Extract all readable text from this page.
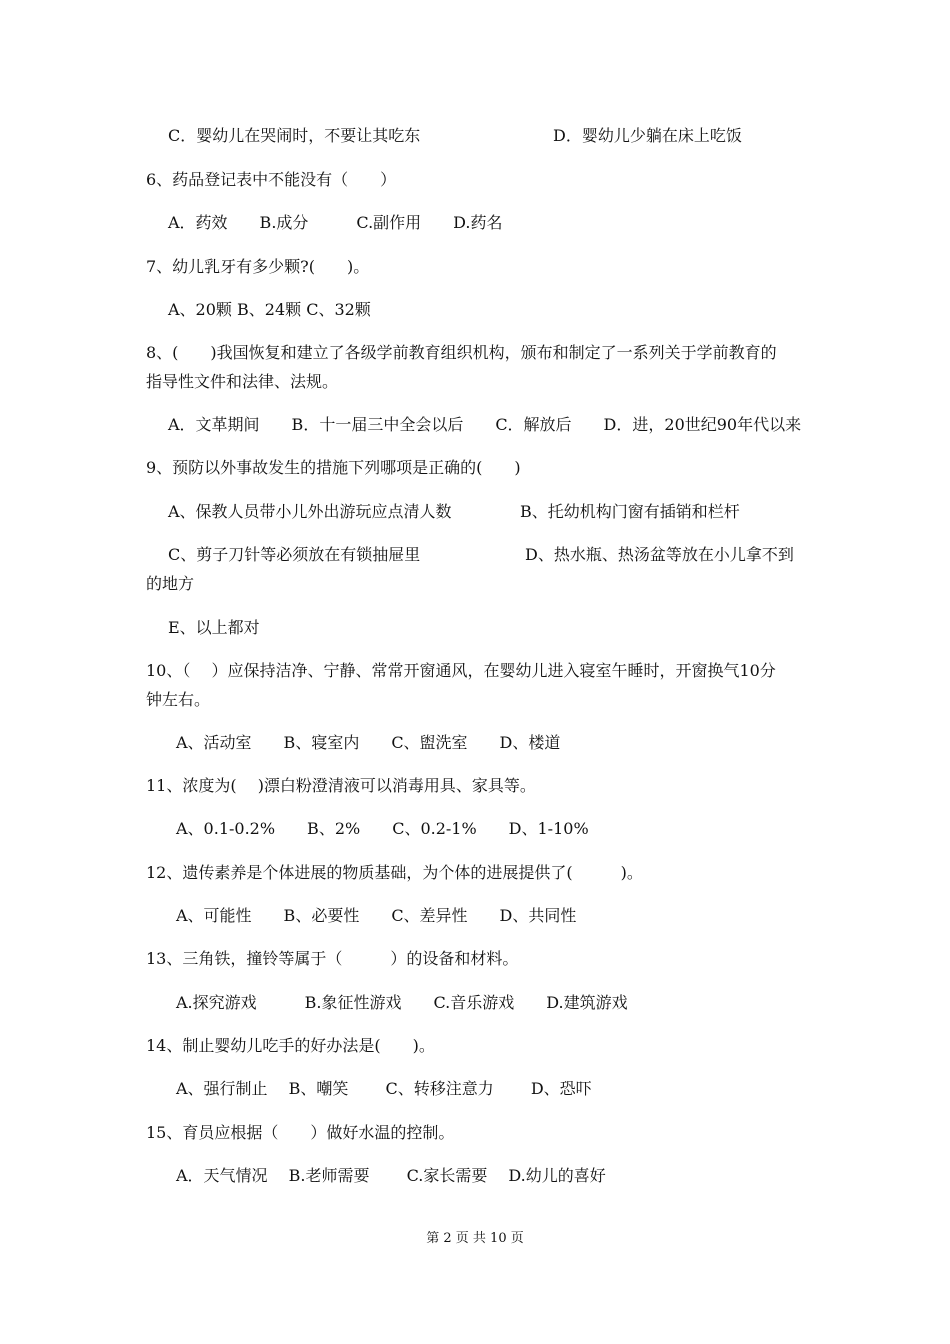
C．婴幼儿在哭闹时，不要让其吃东	D．婴幼儿少躺在床上吃饭
6、药品登记表中不能没有（　　）
A．药效　　B.成分　　　C.副作用　　D.药名
7、幼儿乳牙有多少颗?(　　)。
A、20颗 B、24颗 C、32颗
8、(　　)我国恢复和建立了各级学前教育组织机构，颁布和制定了一系列关于学前教育的
指导性文件和法律、法规。
A．文革期间　　B．十一届三中全会以后　　C．解放后　　D．进，20世纪90年代以来
9、预防以外事故发生的措施下列哪项是正确的(　　)
A、保教人员带小儿外出游玩应点清人数	B、托幼机构门窗有插销和栏杆
C、剪子刀针等必须放在有锁抽屉里	D、热水瓶、热汤盆等放在小儿拿不到
的地方
E、以上都对
10、（　 ）应保持洁净、宁静、常常开窗通风，在婴幼儿进入寝室午睡时，开窗换气10分
钟左右。
A、活动室　　B、寝室内　　C、盥洗室　　D、楼道
11、浓度为(　 )漂白粉澄清液可以消毒用具、家具等。
A、0.1-0.2%　　B、2%　　C、0.2-1%　　D、1-10%
12、遗传素养是个体进展的物质基础，为个体的进展提供了(　　　)。
A、可能性　　B、必要性　　C、差异性　　D、共同性
13、三角铁，撞铃等属于（　　　）的设备和材料。
A.探究游戏　　　B.象征性游戏　　C.音乐游戏　　D.建筑游戏
14、制止婴幼儿吃手的好办法是(　　)。
A、强行制止　 B、嘲笑　　 C、转移注意力　　 D、恐吓
15、育员应根据（　　）做好水温的控制。
A．天气情况　 B.老师需要　　 C.家长需要　 D.幼儿的喜好
第 2 页 共 10 页
